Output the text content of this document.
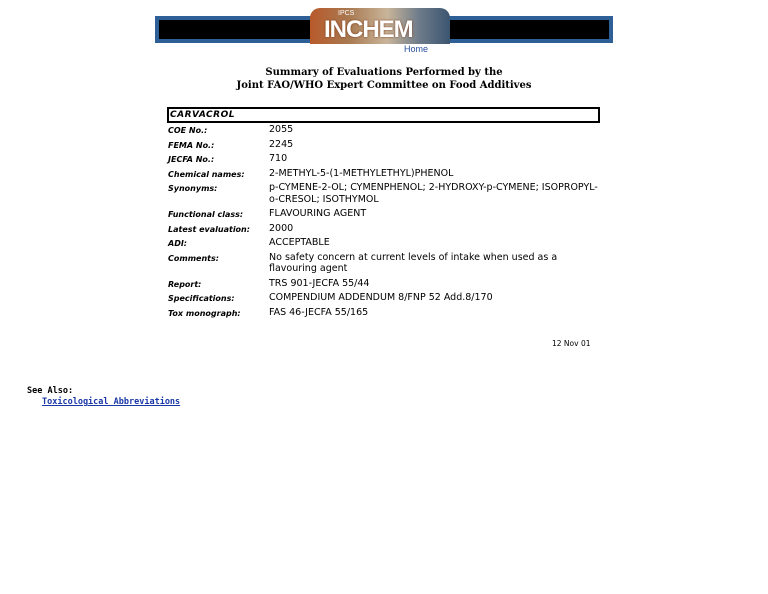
IPCS
INCHEM
Home
Summary of Evaluations Performed by the
Joint FAO/WHO Expert Committee on Food Additives
CARVACROL
COE No.:	2055
FEMA No.:	2245
JECFA No.:	710
Chemical names:	2-METHYL-5-(1-METHYLETHYL)PHENOL
Synonyms:	p-CYMENE-2-OL; CYMENPHENOL; 2-HYDROXY-p-CYMENE; ISOPROPYL-o-CRESOL; ISOTHYMOL
Functional class:	FLAVOURING AGENT
Latest evaluation:	2000
ADI:	ACCEPTABLE
Comments:	No safety concern at current levels of intake when used as a flavouring agent
Report:	TRS 901-JECFA 55/44
Specifications:	COMPENDIUM ADDENDUM 8/FNP 52 Add.8/170
Tox monograph:	FAS 46-JECFA 55/165
12 Nov 01
See Also:
Toxicological Abbreviations
